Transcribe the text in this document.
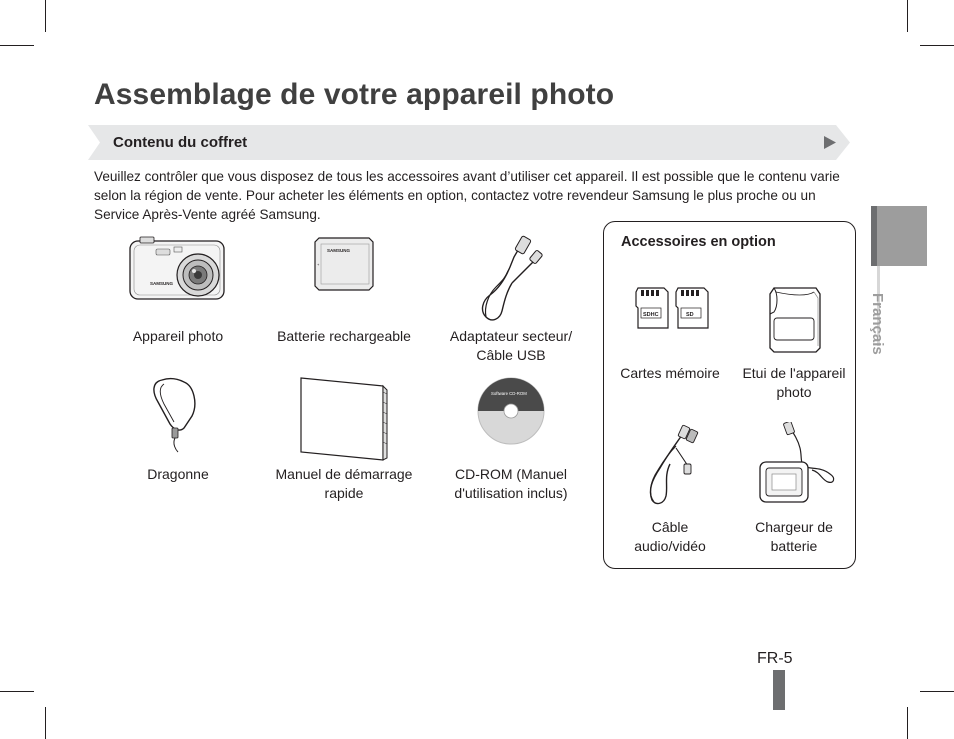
Assemblage de votre appareil photo
Contenu du coffret
Veuillez contrôler que vous disposez de tous les accessoires avant d’utiliser cet appareil. Il est possible que le contenu varie selon la région de vente. Pour acheter les éléments en option, contactez votre revendeur Samsung le plus proche ou un Service Après-Vente agréé Samsung.
SAMSUNG
Appareil photo
SAMSUNG
+
Batterie rechargeable	Adaptateur secteur/ Câble USB
Dragonne	Manuel de démarrage rapide
Software CD-ROM
CD-ROM (Manuel d'utilisation inclus)
Accessoires en option
SDHC	SD
Cartes mémoire	Etui de l'appareil photo
Câble audio/vidéo
Chargeur de batterie
Français
FR-5
